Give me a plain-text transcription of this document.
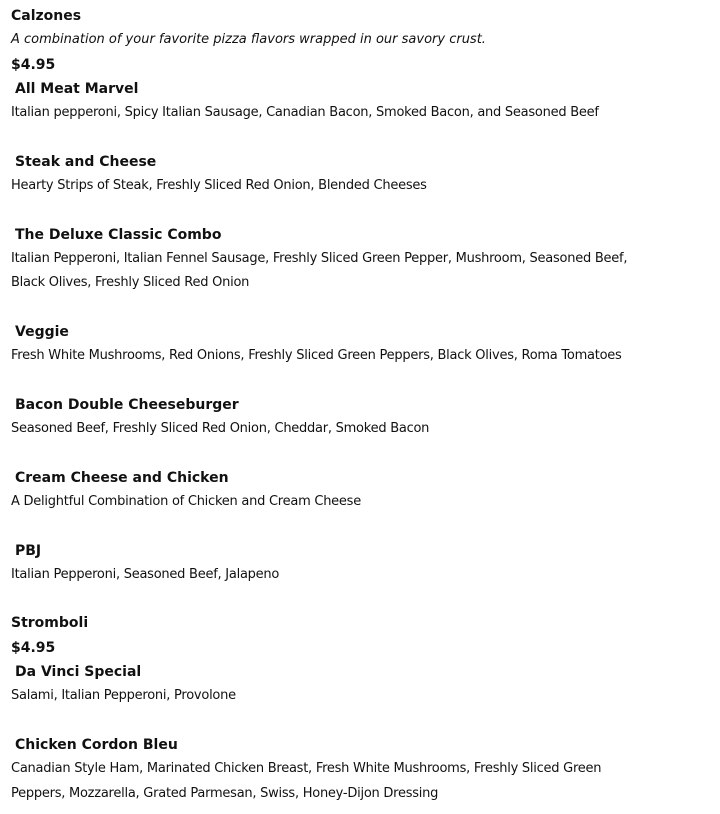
Calzones
A combination of your favorite pizza flavors wrapped in our savory crust.
$4.95
All Meat Marvel
Italian pepperoni, Spicy Italian Sausage, Canadian Bacon, Smoked Bacon, and Seasoned Beef
Steak and Cheese
Hearty Strips of Steak, Freshly Sliced Red Onion, Blended Cheeses
The Deluxe Classic Combo
Italian Pepperoni, Italian Fennel Sausage, Freshly Sliced Green Pepper, Mushroom, Seasoned Beef,
Black Olives, Freshly Sliced Red Onion
Veggie
Fresh White Mushrooms, Red Onions, Freshly Sliced Green Peppers, Black Olives, Roma Tomatoes
Bacon Double Cheeseburger
Seasoned Beef, Freshly Sliced Red Onion, Cheddar, Smoked Bacon
Cream Cheese and Chicken
A Delightful Combination of Chicken and Cream Cheese
PBJ
Italian Pepperoni, Seasoned Beef, Jalapeno
Stromboli
$4.95
Da Vinci Special
Salami, Italian Pepperoni, Provolone
Chicken Cordon Bleu
Canadian Style Ham, Marinated Chicken Breast, Fresh White Mushrooms, Freshly Sliced Green
Peppers, Mozzarella, Grated Parmesan, Swiss, Honey-Dijon Dressing
